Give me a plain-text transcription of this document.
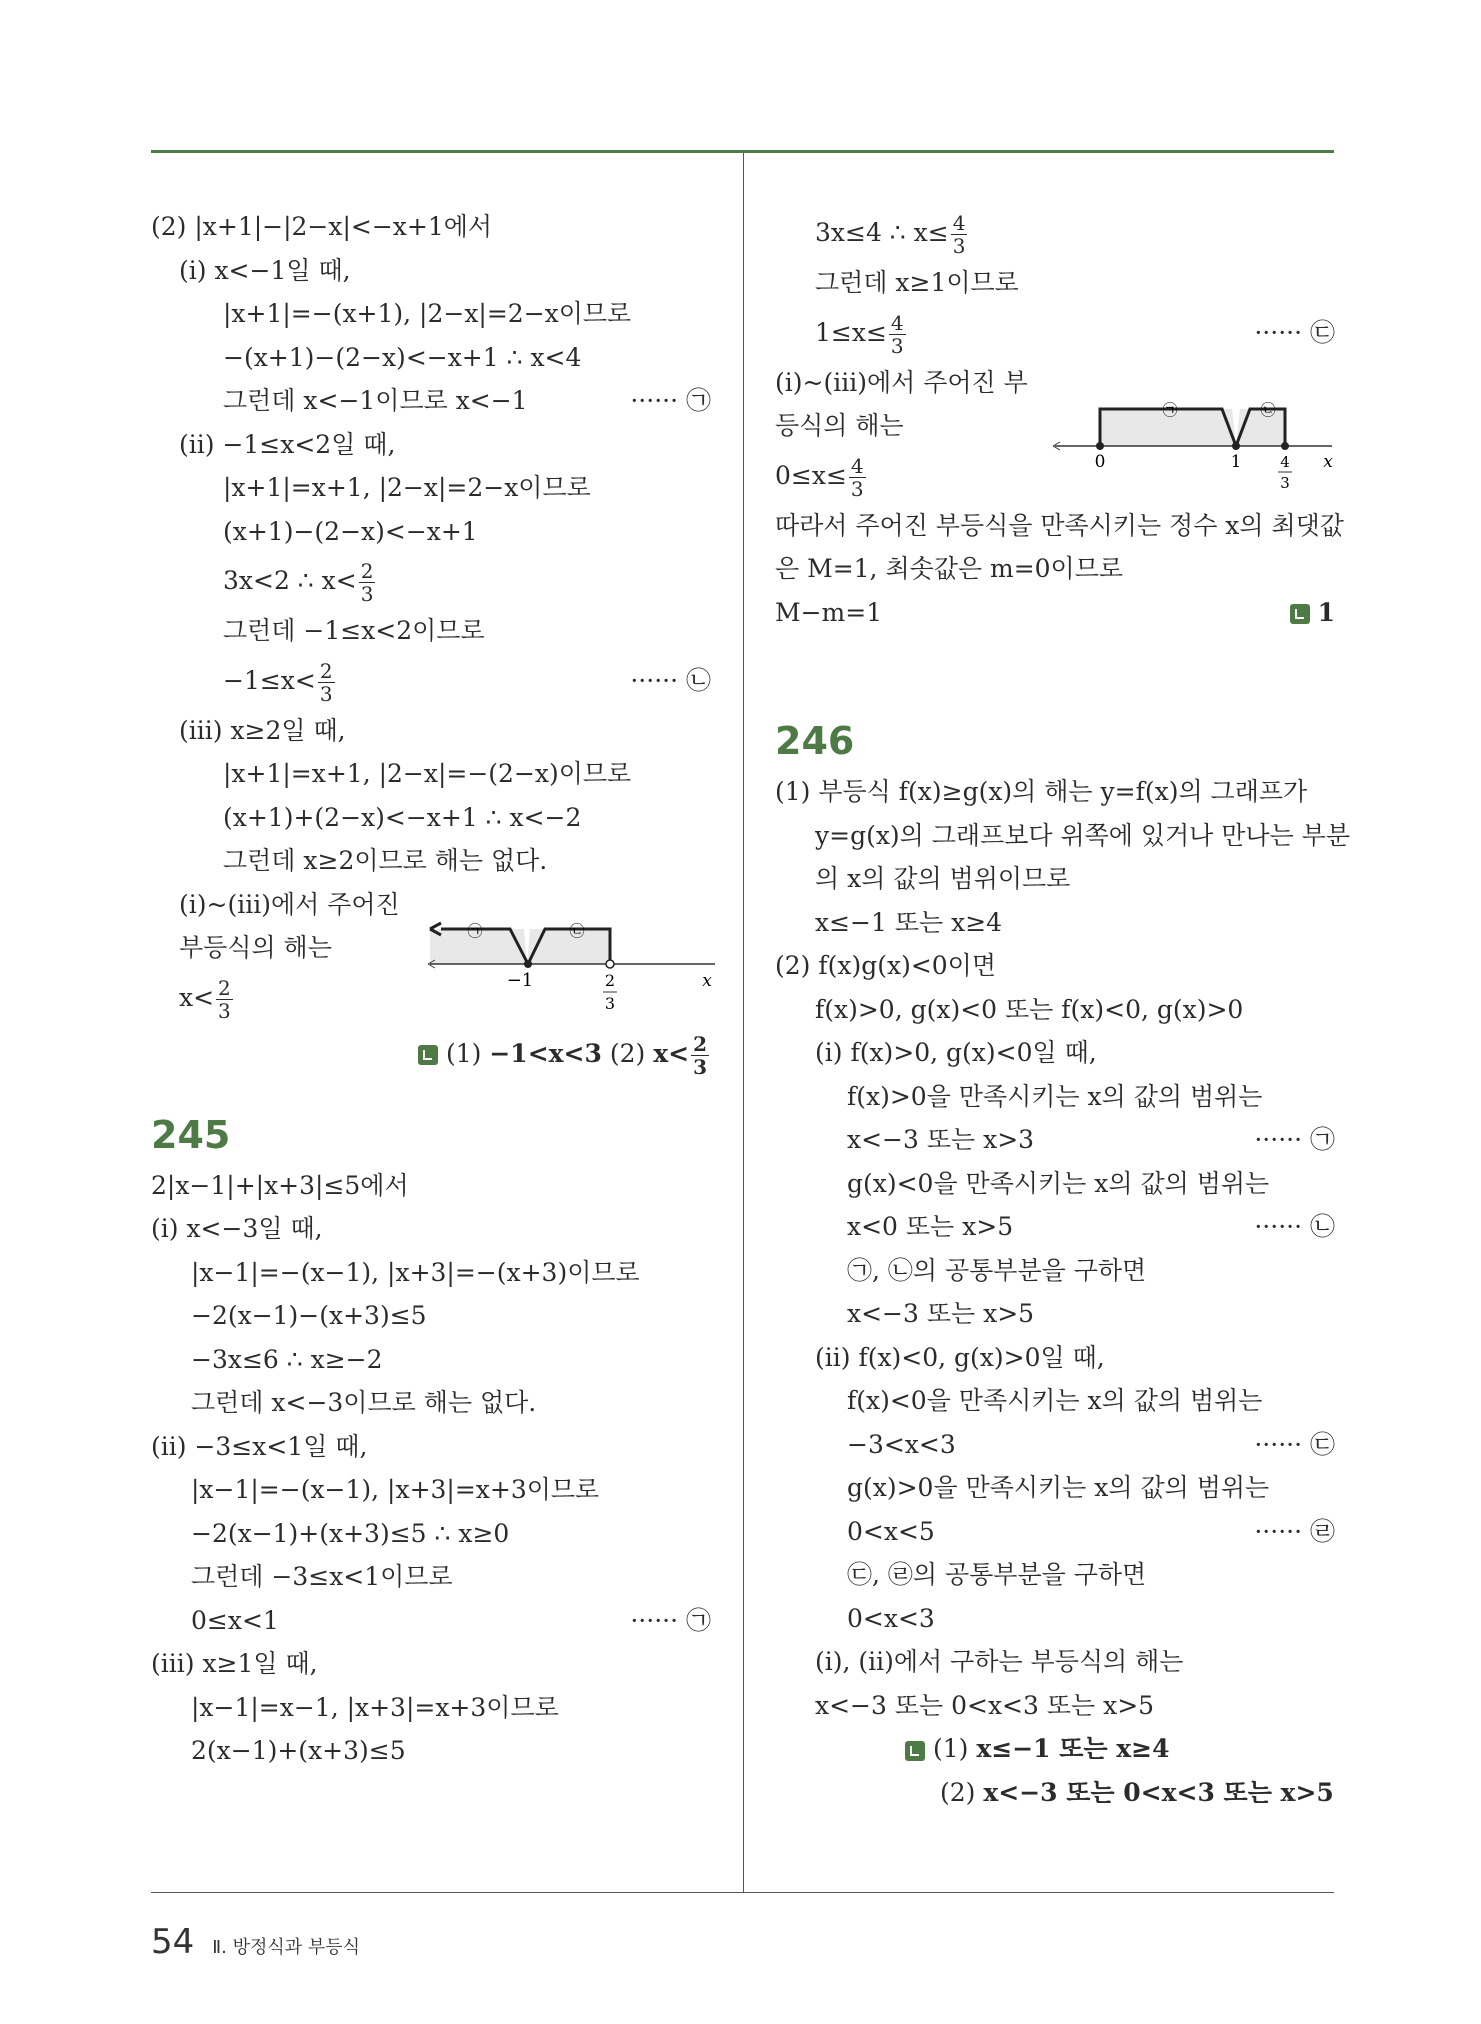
(2) |x+1|−|2−x|<−x+1에서
(i) x<−1일 때,
|x+1|=−(x+1), |2−x|=2−x이므로
−(x+1)−(2−x)<−x+1 ∴ x<4
그런데 x<−1이므로 x<−1	······ ㉠
(ii) −1≤x<2일 때,
|x+1|=x+1, |2−x|=2−x이므로
(x+1)−(2−x)<−x+1
3x<2 ∴ $x< \frac{2}{3}$
그런데 −1≤x<2이므로
$-1\le x< \frac{2}{3}$	······ ㉡
(iii) x≥2일 때,
|x+1|=x+1, |2−x|=−(2−x)이므로
(x+1)+(2−x)<−x+1 ∴ x<−2
그런데 x≥2이므로 해는 없다.
(i)~(iii)에서 주어진
부등식의 해는
$x< \frac{2}{3}$
(1) −1<x<3 (2) $x< \frac{2}{3}$
245
2|x−1|+|x+3|≤5에서
(i) x<−3일 때,
|x−1|=−(x−1), |x+3|=−(x+3)이므로
−2(x−1)−(x+3)≤5
−3x≤6 ∴ x≥−2
그런데 x<−3이므로 해는 없다.
(ii) −3≤x<1일 때,
|x−1|=−(x−1), |x+3|=x+3이므로
−2(x−1)+(x+3)≤5 ∴ x≥0
그런데 −3≤x<1이므로
0≤x<1	······ ㉠
(iii) x≥1일 때,
|x−1|=x−1, |x+3|=x+3이므로
2(x−1)+(x+3)≤5
㉠	㉡
−1	2
3
x
3x≤4 ∴ $x\le \frac{4}{3}$
그런데 x≥1이므로
$1\le x\le \frac{4}{3}$	······ ㉢
(i)~(iii)에서 주어진 부
등식의 해는
$0\le x\le \frac{4}{3}$
따라서 주어진 부등식을 만족시키는 정수 x의 최댓값
은 M=1, 최솟값은 m=0이므로
M−m=1	1
246
(1) 부등식 f(x)≥g(x)의 해는 y=f(x)의 그래프가
y=g(x)의 그래프보다 위쪽에 있거나 만나는 부분
의 x의 값의 범위이므로
x≤−1 또는 x≥4
(2) f(x)g(x)<0이면
f(x)>0, g(x)<0 또는 f(x)<0, g(x)>0
(i) f(x)>0, g(x)<0일 때,
f(x)>0을 만족시키는 x의 값의 범위는
x<−3 또는 x>3	······ ㉠
g(x)<0을 만족시키는 x의 값의 범위는
x<0 또는 x>5	······ ㉡
㉠, ㉡의 공통부분을 구하면
x<−3 또는 x>5
(ii) f(x)<0, g(x)>0일 때,
f(x)<0을 만족시키는 x의 값의 범위는
−3<x<3	······ ㉢
g(x)>0을 만족시키는 x의 값의 범위는
0<x<5	······ ㉣
㉢, ㉣의 공통부분을 구하면
0<x<3
(i), (ii)에서 구하는 부등식의 해는
x<−3 또는 0<x<3 또는 x>5
(1) x≤−1 또는 x≥4
(2) x<−3 또는 0<x<3 또는 x>5
㉠	㉡
0	1	4
3
x
54 Ⅱ. 방정식과 부등식
